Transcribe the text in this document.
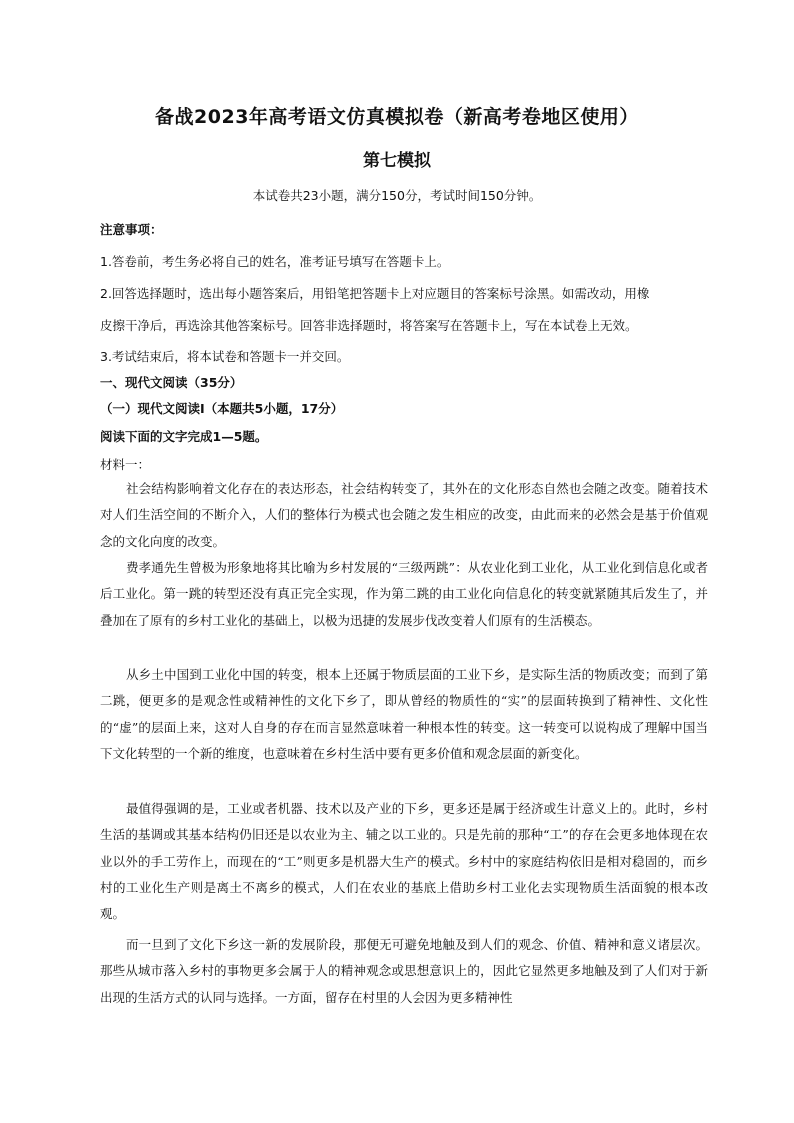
备战2023年高考语文仿真模拟卷（新高考卷地区使用）
第七模拟
本试卷共23小题，满分150分，考试时间150分钟。
注意事项：
1.答卷前，考生务必将自己的姓名，准考证号填写在答题卡上。
2.回答选择题时，选出每小题答案后，用铅笔把答题卡上对应题目的答案标号涂黑。如需改动，用橡
皮擦干净后，再选涂其他答案标号。回答非选择题时，将答案写在答题卡上，写在本试卷上无效。
3.考试结束后，将本试卷和答题卡一并交回。
一、现代文阅读（35分）
（一）现代文阅读Ⅰ（本题共5小题，17分）
阅读下面的文字完成1—5题。
材料一：

社会结构影响着文化存在的表达形态，社会结构转变了，其外在的文化形态自然也会随之改变。随着技术对人们生活空间的不断介入，人们的整体行为模式也会随之发生相应的改变，由此而来的必然会是基于价值观念的文化向度的改变。

费孝通先生曾极为形象地将其比喻为乡村发展的“三级两跳”：从农业化到工业化，从工业化到信息化或者后工业化。第一跳的转型还没有真正完全实现，作为第二跳的由工业化向信息化的转变就紧随其后发生了，并叠加在了原有的乡村工业化的基础上，以极为迅捷的发展步伐改变着人们原有的生活模态。

从乡土中国到工业化中国的转变，根本上还属于物质层面的工业下乡，是实际生活的物质改变；而到了第二跳，便更多的是观念性或精神性的文化下乡了，即从曾经的物质性的“实”的层面转换到了精神性、文化性的“虚”的层面上来，这对人自身的存在而言显然意味着一种根本性的转变。这一转变可以说构成了理解中国当下文化转型的一个新的维度，也意味着在乡村生活中要有更多价值和观念层面的新变化。

最值得强调的是，工业或者机器、技术以及产业的下乡，更多还是属于经济或生计意义上的。此时，乡村生活的基调或其基本结构仍旧还是以农业为主、辅之以工业的。只是先前的那种“工”的存在会更多地体现在农业以外的手工劳作上，而现在的“工”则更多是机器大生产的模式。乡村中的家庭结构依旧是相对稳固的，而乡村的工业化生产则是离土不离乡的模式，人们在农业的基底上借助乡村工业化去实现物质生活面貌的根本改观。

而一旦到了文化下乡这一新的发展阶段，那便无可避免地触及到人们的观念、价值、精神和意义诸层次。那些从城市落入乡村的事物更多会属于人的精神观念或思想意识上的，因此它显然更多地触及到了人们对于新出现的生活方式的认同与选择。一方面，留存在村里的人会因为更多精神性
